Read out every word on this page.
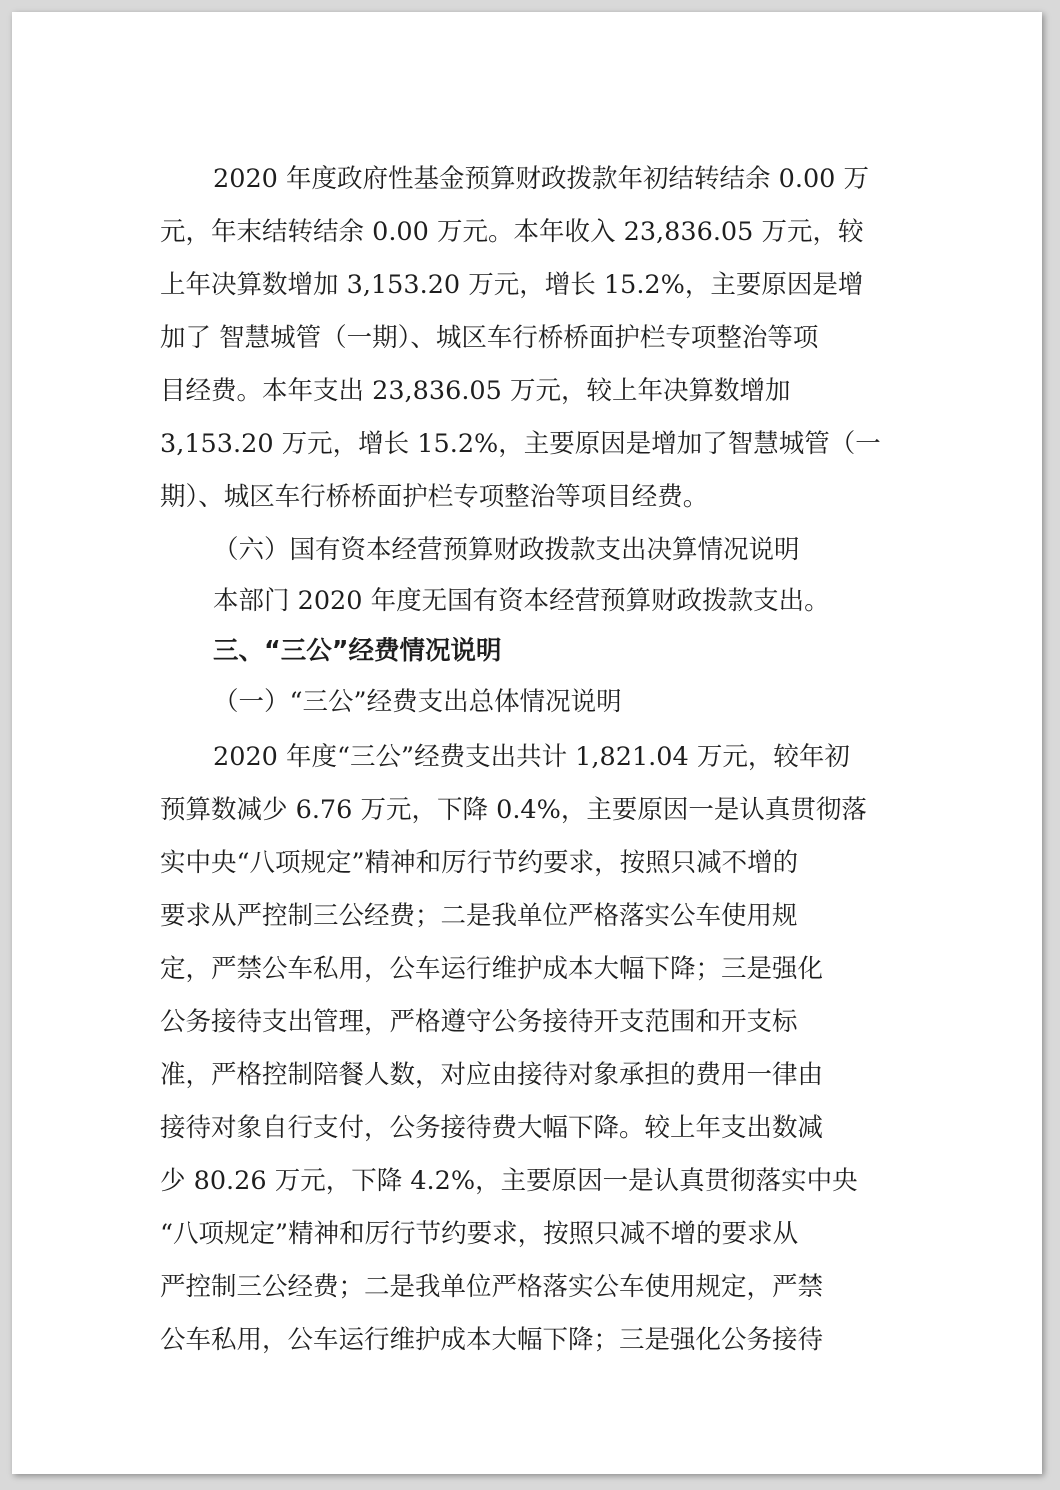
2020 年度政府性基金预算财政拨款年初结转结余 0.00 万
元，年末结转结余 0.00 万元。本年收入 23,836.05 万元，较
上年决算数增加 3,153.20 万元，增长 15.2%，主要原因是增
加了 智慧城管（一期）、城区车行桥桥面护栏专项整治等项
目经费。本年支出 23,836.05 万元，较上年决算数增加
3,153.20 万元，增长 15.2%，主要原因是增加了智慧城管（一
期）、城区车行桥桥面护栏专项整治等项目经费。
（六）国有资本经营预算财政拨款支出决算情况说明
本部门 2020 年度无国有资本经营预算财政拨款支出。
三、“三公”经费情况说明
（一）“三公”经费支出总体情况说明
2020 年度“三公”经费支出共计 1,821.04 万元，较年初
预算数减少 6.76 万元，下降 0.4%，主要原因一是认真贯彻落
实中央“八项规定”精神和厉行节约要求，按照只减不增的
要求从严控制三公经费；二是我单位严格落实公车使用规
定，严禁公车私用，公车运行维护成本大幅下降；三是强化
公务接待支出管理，严格遵守公务接待开支范围和开支标
准，严格控制陪餐人数，对应由接待对象承担的费用一律由
接待对象自行支付，公务接待费大幅下降。较上年支出数减
少 80.26 万元，下降 4.2%，主要原因一是认真贯彻落实中央
“八项规定”精神和厉行节约要求，按照只减不增的要求从
严控制三公经费；二是我单位严格落实公车使用规定，严禁
公车私用，公车运行维护成本大幅下降；三是强化公务接待
